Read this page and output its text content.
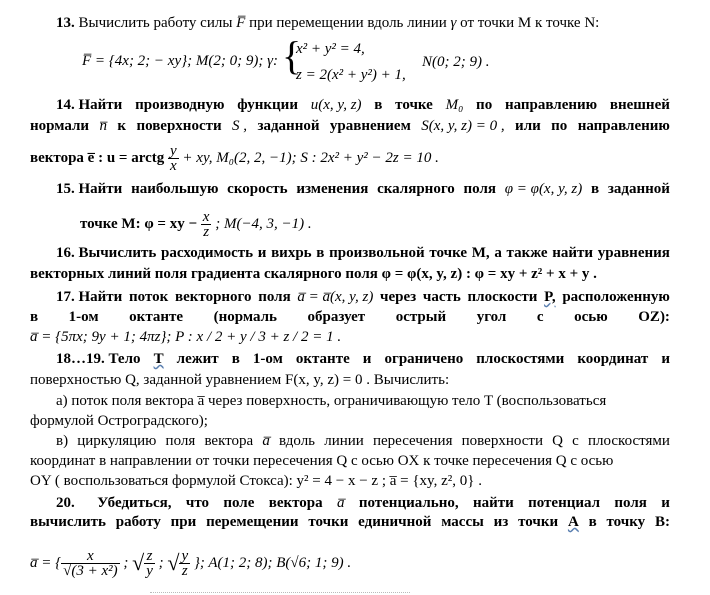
13. Вычислить работу силы F̅ при перемещении вдоль линии γ от точки M к точке N:
F̅ = {4x; 2; − xy}; M(2; 0; 9); γ: {
x² + y² = 4,
z = 2(x² + y²) + 1,
N(0; 2; 9) .
14. Найти производную функции u(x, y, z) в точке M₀ по направлению внешней
нормали n̅ к поверхности S , заданной уравнением S(x, y, z) = 0 , или по направлению
вектора e̅ : u = arctg $\frac{y}{x}$ + xy, M₀(2, 2, −1); S : 2x² + y² − 2z = 10 .
15. Найти наибольшую скорость изменения скалярного поля φ = φ(x, y, z) в заданной
точке M: φ = xy − $\frac{x}{z}$ ; M(−4, 3, −1) .
16. Вычислить расходимость и вихрь в произвольной точке M, а также найти уравнения
векторных линий поля градиента скалярного поля φ = φ(x, y, z) : φ = xy + z² + x + y .
17. Найти поток векторного поля a̅ = a̅(x, y, z) через часть плоскости P, расположенную
в 1-ом октанте (нормаль образует острый угол с осью OZ):
a̅ = {5πx; 9y + 1; 4πz}; P : x / 2 + y / 3 + z / 2 = 1 .
18…19. Тело T лежит в 1-ом октанте и ограничено плоскостями координат и
поверхностью Q, заданной уравнением F(x, y, z) = 0 . Вычислить:
а) поток поля вектора a̅ через поверхность, ограничивающую тело T (воспользоваться
формулой Остроградского);
в) циркуляцию поля вектора a̅ вдоль линии пересечения поверхности Q с плоскостями
координат в направлении от точки пересечения Q с осью OX к точке пересечения Q с осью
OY ( воспользоваться формулой Стокса): y² = 4 − x − z ; a̅ = {xy, z², 0} .
20. Убедиться, что поле вектора a̅ потенциально, найти потенциал поля и
вычислить работу при перемещении точки единичной массы из точки A в точку B:
a̅ = { $\frac{x}{\text{√(3 + x²)}}$ ; √ $\frac{z}{y}$ ; √ $\frac{y}{z}$ }; A(1; 2; 8); B(√6; 1; 9) .
